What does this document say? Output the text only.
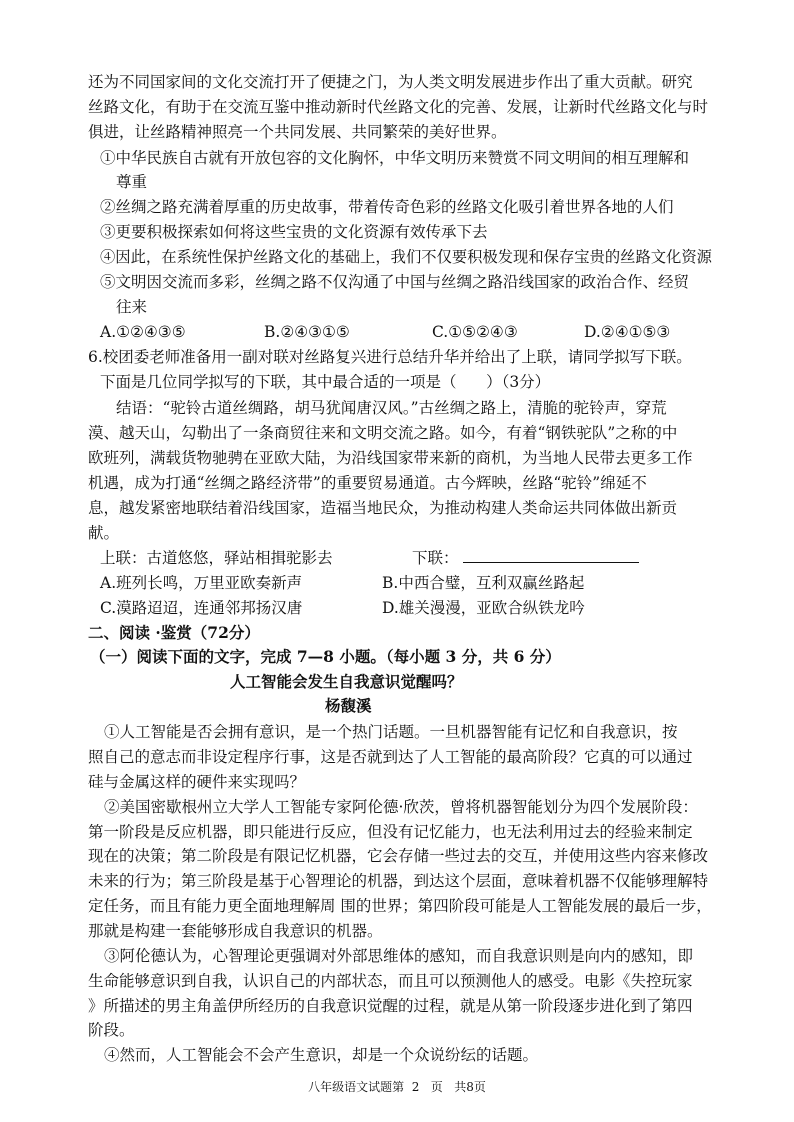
还为不同国家间的文化交流打开了便捷之门，为人类文明发展进步作出了重大贡献。研究
丝路文化，有助于在交流互鉴中推动新时代丝路文化的完善、发展，让新时代丝路文化与时
俱进，让丝路精神照亮一个共同发展、共同繁荣的美好世界。
①中华民族自古就有开放包容的文化胸怀，中华文明历来赞赏不同文明间的相互理解和
尊重
②丝绸之路充满着厚重的历史故事，带着传奇色彩的丝路文化吸引着世界各地的人们
③更要积极探索如何将这些宝贵的文化资源有效传承下去
④因此，在系统性保护丝路文化的基础上，我们不仅要积极发现和保存宝贵的丝路文化资源
⑤文明因交流而多彩，丝绸之路不仅沟通了中国与丝绸之路沿线国家的政治合作、经贸
往来
A.①②④③⑤	B.②④③①⑤	C.①⑤②④③	D.②④①⑤③
6.校团委老师准备用一副对联对丝路复兴进行总结升华并给出了上联，请同学拟写下联。
下面是几位同学拟写的下联，其中最合适的一项是（      ）（3分）
结语：“驼铃古道丝绸路，胡马犹闻唐汉风。”古丝绸之路上，清脆的驼铃声，穿荒
漠、越天山，勾勒出了一条商贸往来和文明交流之路。如今，有着“钢铁驼队”之称的中
欧班列，满载货物驰骋在亚欧大陆，为沿线国家带来新的商机，为当地人民带去更多工作
机遇，成为打通“丝绸之路经济带”的重要贸易通道。古今辉映，丝路“驼铃”绵延不
息，越发紧密地联结着沿线国家，造福当地民众，为推动构建人类命运共同体做出新贡
献。
上联：古道悠悠，驿站相揖驼影去	下联：
A.班列长鸣，万里亚欧奏新声	B.中西合璧，互利双赢丝路起
C.漠路迢迢，连通邻邦扬汉唐	D.雄关漫漫，亚欧合纵铁龙吟
二、阅读 ·鉴赏（72分）
（一）阅读下面的文字，完成 7—8 小题。（每小题 3 分，共 6 分）
人工智能会发生自我意识觉醒吗？
杨馥溪
①人工智能是否会拥有意识，是一个热门话题。一旦机器智能有记忆和自我意识，按
照自己的意志而非设定程序行事，这是否就到达了人工智能的最高阶段？它真的可以通过
硅与金属这样的硬件来实现吗？
②美国密歇根州立大学人工智能专家阿伦德·欣茨，曾将机器智能划分为四个发展阶段：
第一阶段是反应机器，即只能进行反应，但没有记忆能力，也无法利用过去的经验来制定
现在的决策；第二阶段是有限记忆机器，它会存储一些过去的交互，并使用这些内容来修改
未来的行为；第三阶段是基于心智理论的机器，到达这个层面，意味着机器不仅能够理解特
定任务，而且有能力更全面地理解周 围的世界；第四阶段可能是人工智能发展的最后一步，
那就是构建一套能够形成自我意识的机器。
③阿伦德认为，心智理论更强调对外部思维体的感知，而自我意识则是向内的感知，即
生命能够意识到自我，认识自己的内部状态，而且可以预测他人的感受。电影《失控玩家
》所描述的男主角盖伊所经历的自我意识觉醒的过程，就是从第一阶段逐步进化到了第四
阶段。
④然而，人工智能会不会产生意识，却是一个众说纷纭的话题。
八年级语文试题第  2   页   共8页
